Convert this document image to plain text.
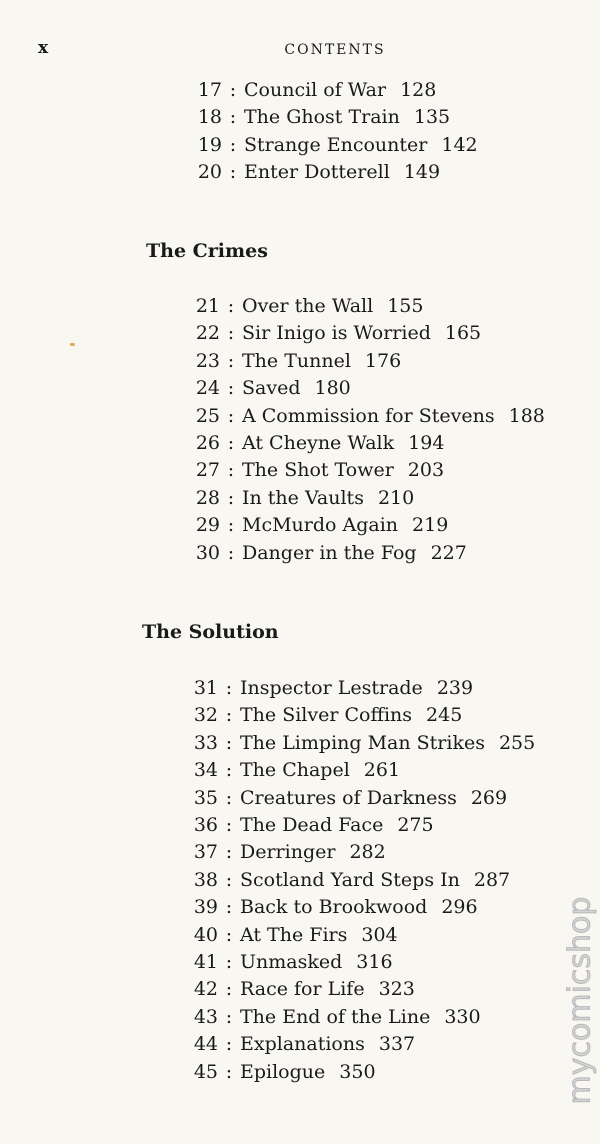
x	CONTENTS
17 : Council of War 128
18 : The Ghost Train 135
19 : Strange Encounter 142
20 : Enter Dotterell 149
The Crimes
21 : Over the Wall 155
22 : Sir Inigo is Worried 165
23 : The Tunnel 176
24 : Saved 180
25 : A Commission for Stevens 188
26 : At Cheyne Walk 194
27 : The Shot Tower 203
28 : In the Vaults 210
29 : McMurdo Again 219
30 : Danger in the Fog 227
The Solution
31 : Inspector Lestrade 239
32 : The Silver Coffins 245
33 : The Limping Man Strikes 255
34 : The Chapel 261
35 : Creatures of Darkness 269
36 : The Dead Face 275
37 : Derringer 282
38 : Scotland Yard Steps In 287
39 : Back to Brookwood 296
40 : At The Firs 304
41 : Unmasked 316
42 : Race for Life 323
43 : The End of the Line 330
44 : Explanations 337
45 : Epilogue 350	mycomicshop
